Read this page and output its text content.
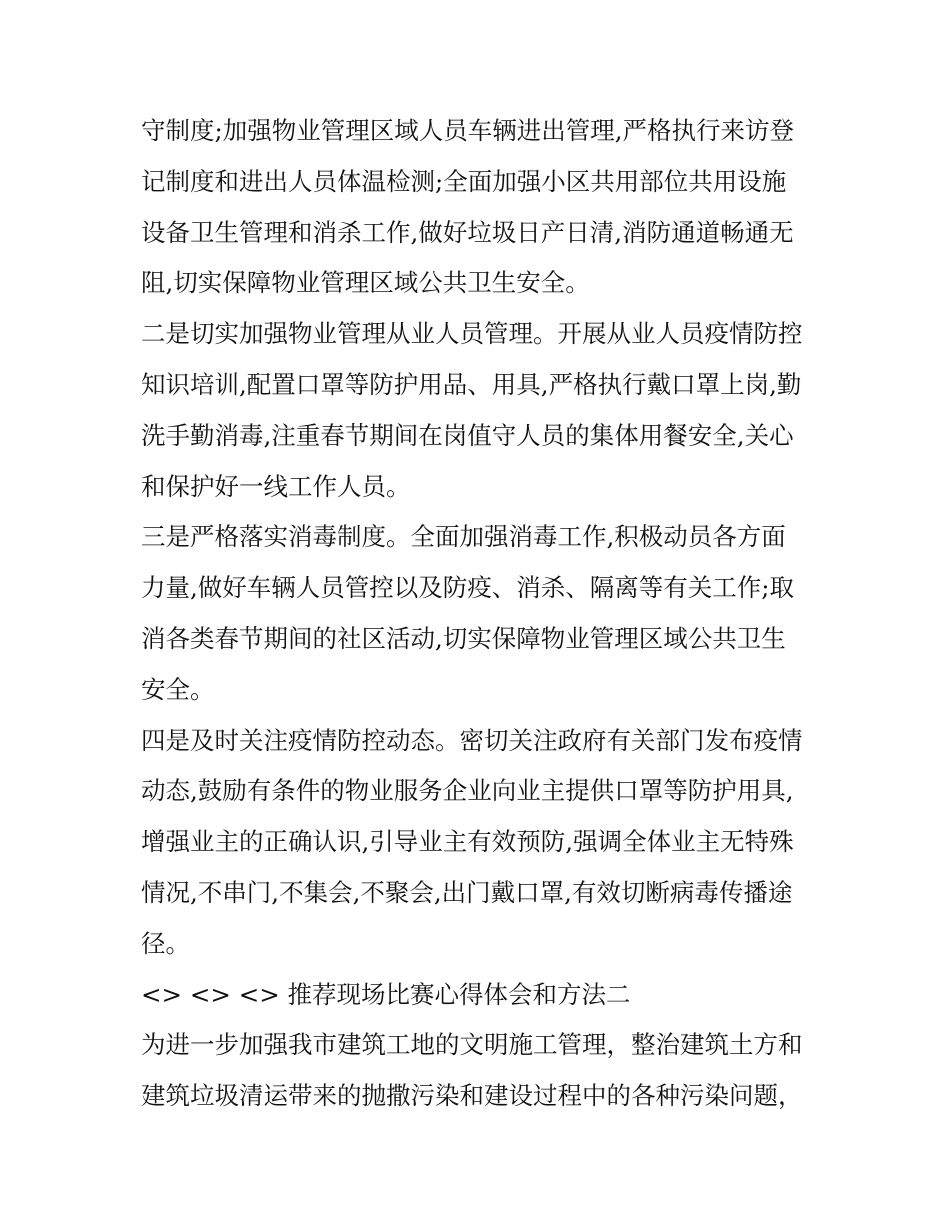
守制度;加强物业管理区域人员车辆进出管理,严格执行来访登
记制度和进出人员体温检测;全面加强小区共用部位共用设施
设备卫生管理和消杀工作,做好垃圾日产日清,消防通道畅通无
阻,切实保障物业管理区域公共卫生安全。
二是切实加强物业管理从业人员管理。开展从业人员疫情防控
知识培训,配置口罩等防护用品、用具,严格执行戴口罩上岗,勤
洗手勤消毒,注重春节期间在岗值守人员的集体用餐安全,关心
和保护好一线工作人员。
三是严格落实消毒制度。全面加强消毒工作,积极动员各方面
力量,做好车辆人员管控以及防疫、消杀、隔离等有关工作;取
消各类春节期间的社区活动,切实保障物业管理区域公共卫生
安全。
四是及时关注疫情防控动态。密切关注政府有关部门发布疫情
动态,鼓励有条件的物业服务企业向业主提供口罩等防护用具,
增强业主的正确认识,引导业主有效预防,强调全体业主无特殊
情况,不串门,不集会,不聚会,出门戴口罩,有效切断病毒传播途
径。
<> <> <> 推荐现场比赛心得体会和方法二
为进一步加强我市建筑工地的文明施工管理，整治建筑土方和
建筑垃圾清运带来的抛撒污染和建设过程中的各种污染问题，
